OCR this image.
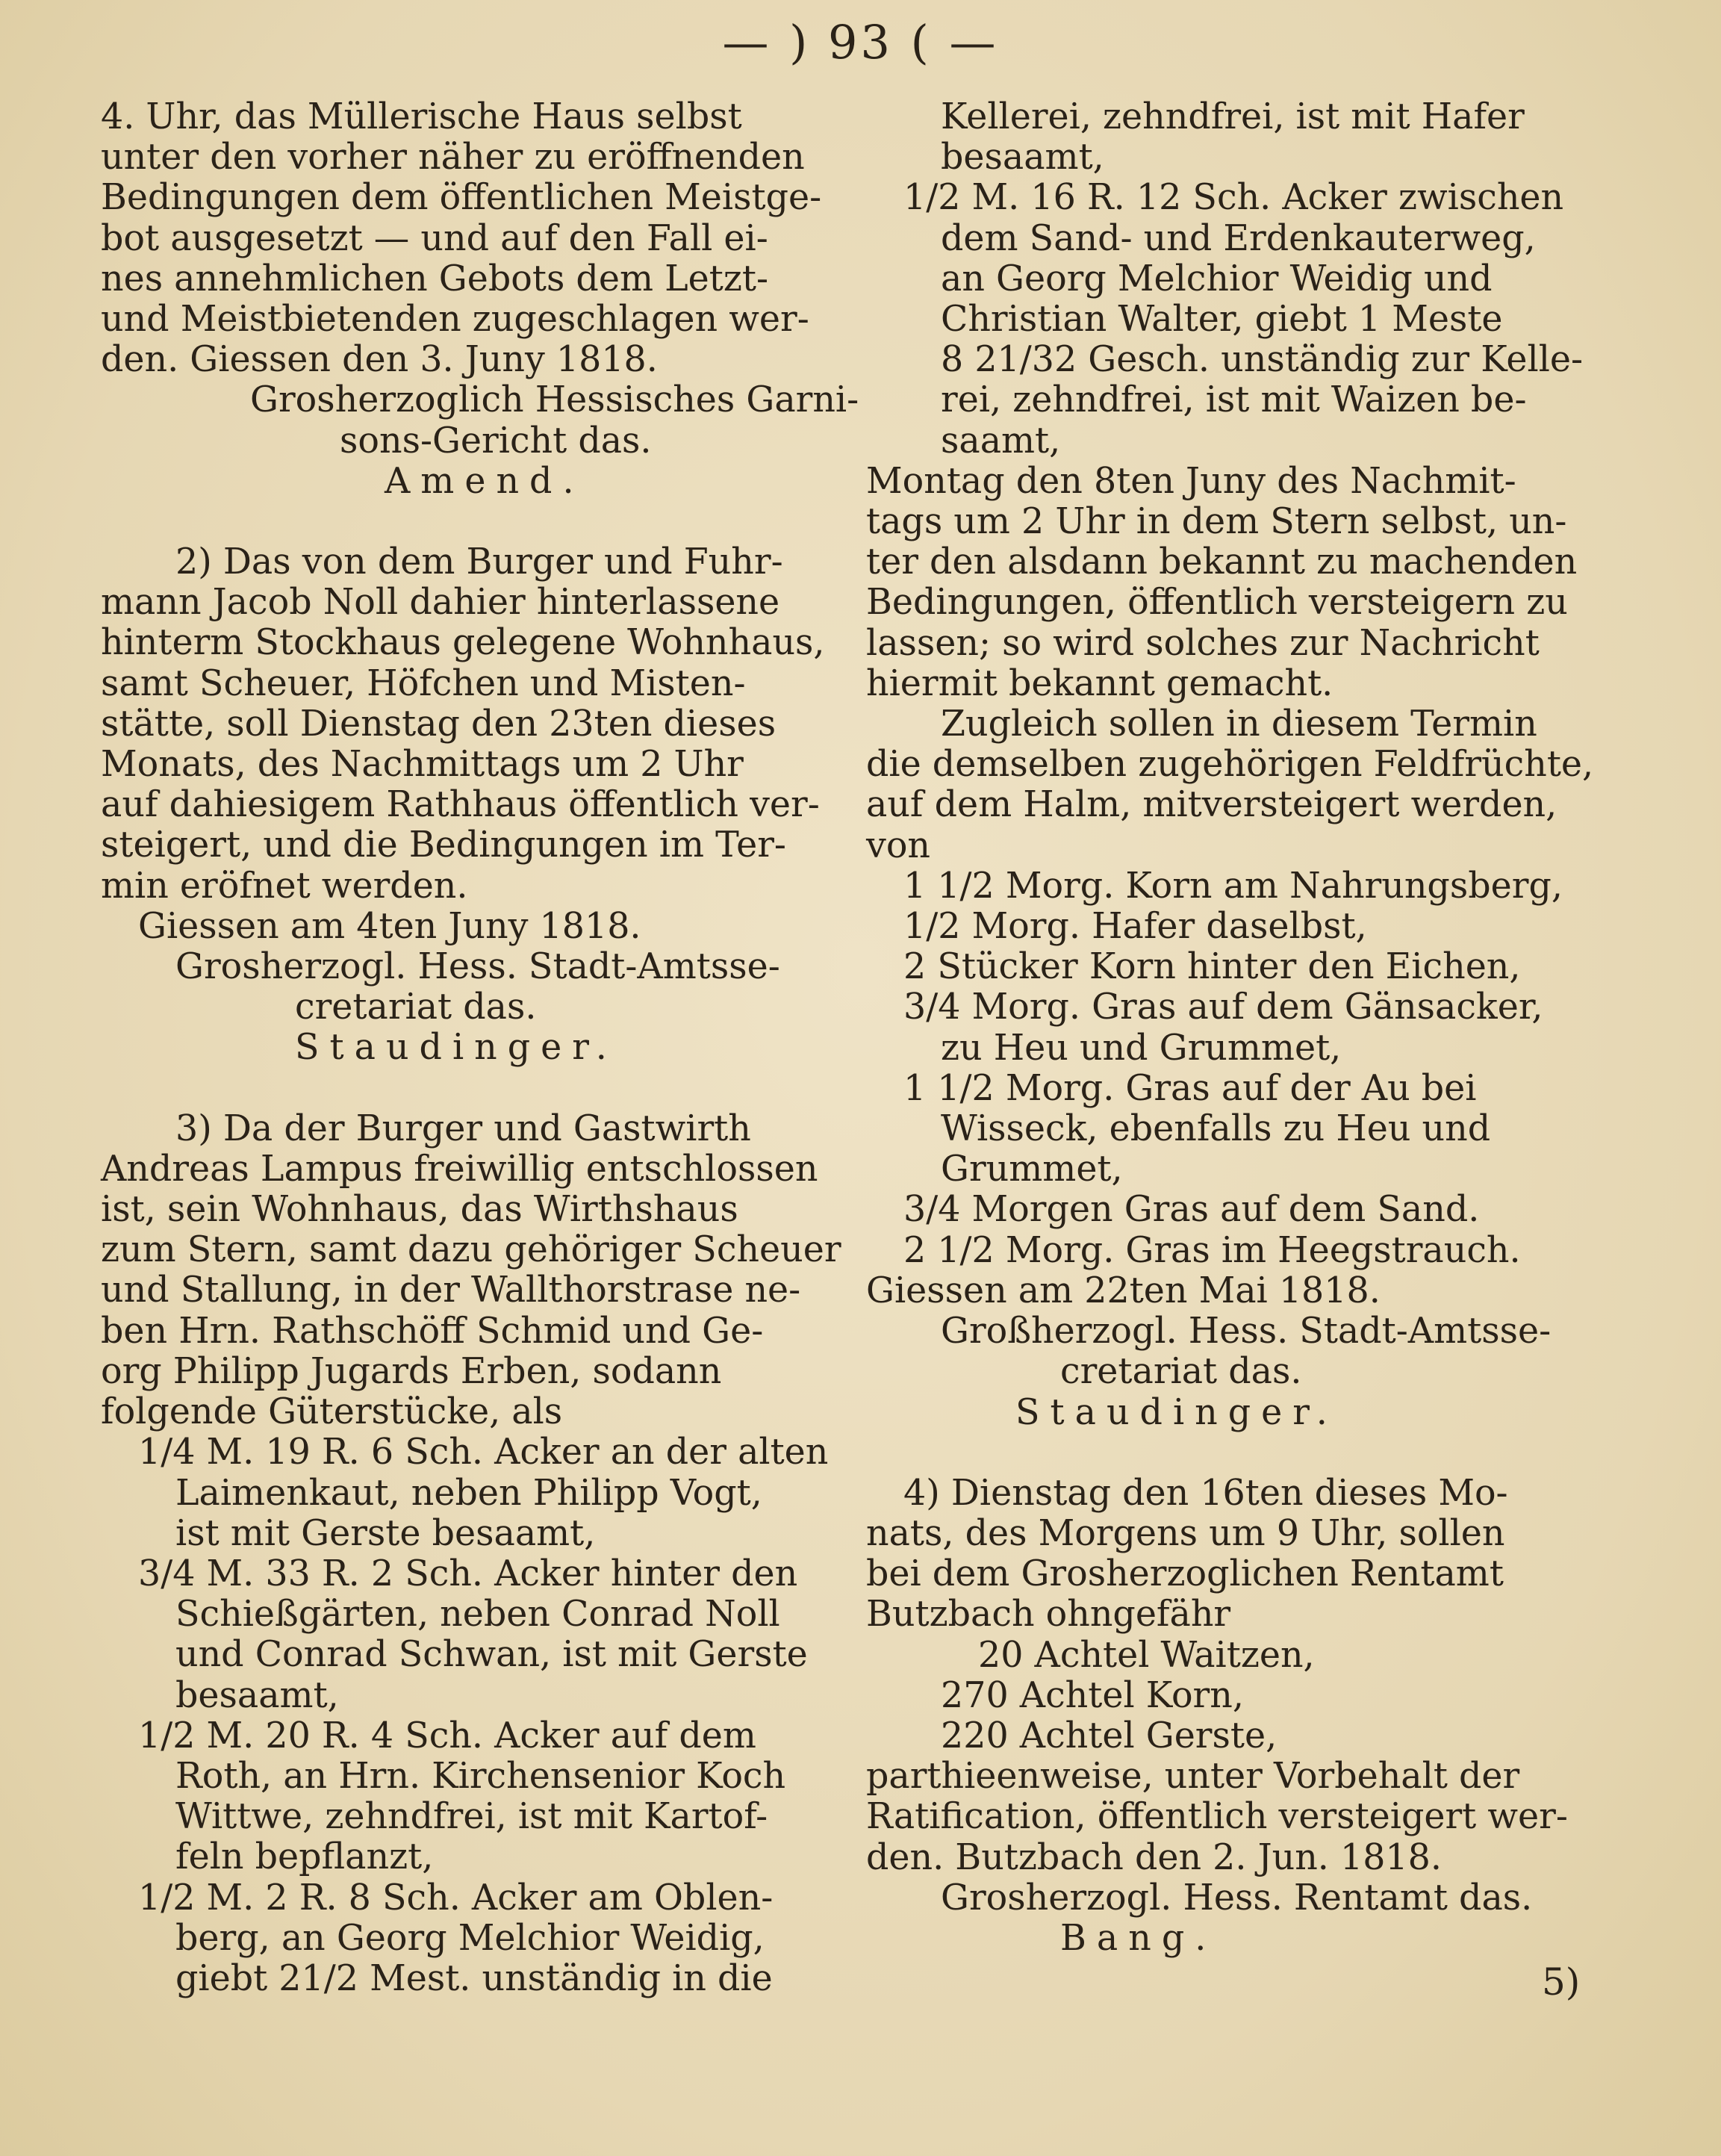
— ) 93 ( —
4. Uhr, das Müllerische Haus selbst
unter den vorher näher zu eröffnenden
Bedingungen dem öffentlichen Meistge-
bot ausgesetzt — und auf den Fall ei-
nes annehmlichen Gebots dem Letzt-
und Meistbietenden zugeschlagen wer-
den. Giessen den 3. Juny 1818.
Grosherzoglich Hessisches Garni-
sons-Gericht das.
Amend.
2) Das von dem Burger und Fuhr-
mann Jacob Noll dahier hinterlassene
hinterm Stockhaus gelegene Wohnhaus,
samt Scheuer, Höfchen und Misten-
stätte, soll Dienstag den 23ten dieses
Monats, des Nachmittags um 2 Uhr
auf dahiesigem Rathhaus öffentlich ver-
steigert, und die Bedingungen im Ter-
min eröfnet werden.
Giessen am 4ten Juny 1818.
Grosherzogl. Hess. Stadt-Amtsse-
cretariat das.
Staudinger.
3) Da der Burger und Gastwirth
Andreas Lampus freiwillig entschlossen
ist, sein Wohnhaus, das Wirthshaus
zum Stern, samt dazu gehöriger Scheuer
und Stallung, in der Wallthorstrase ne-
ben Hrn. Rathschöff Schmid und Ge-
org Philipp Jugards Erben, sodann
folgende Güterstücke, als
1/4 M. 19 R. 6 Sch. Acker an der alten
Laimenkaut, neben Philipp Vogt,
ist mit Gerste besaamt,
3/4 M. 33 R. 2 Sch. Acker hinter den
Schießgärten, neben Conrad Noll
und Conrad Schwan, ist mit Gerste
besaamt,
1/2 M. 20 R. 4 Sch. Acker auf dem
Roth, an Hrn. Kirchensenior Koch
Wittwe, zehndfrei, ist mit Kartof-
feln bepflanzt,
1/2 M. 2 R. 8 Sch. Acker am Oblen-
berg, an Georg Melchior Weidig,
giebt 21/2 Mest. unständig in die
Kellerei, zehndfrei, ist mit Hafer
besaamt,
1/2 M. 16 R. 12 Sch. Acker zwischen
dem Sand- und Erdenkauterweg,
an Georg Melchior Weidig und
Christian Walter, giebt 1 Meste
8 21/32 Gesch. unständig zur Kelle-
rei, zehndfrei, ist mit Waizen be-
saamt,
Montag den 8ten Juny des Nachmit-
tags um 2 Uhr in dem Stern selbst, un-
ter den alsdann bekannt zu machenden
Bedingungen, öffentlich versteigern zu
lassen; so wird solches zur Nachricht
hiermit bekannt gemacht.
Zugleich sollen in diesem Termin
die demselben zugehörigen Feldfrüchte,
auf dem Halm, mitversteigert werden,
von
1 1/2 Morg. Korn am Nahrungsberg,
1/2 Morg. Hafer daselbst,
2 Stücker Korn hinter den Eichen,
3/4 Morg. Gras auf dem Gänsacker,
zu Heu und Grummet,
1 1/2 Morg. Gras auf der Au bei
Wisseck, ebenfalls zu Heu und
Grummet,
3/4 Morgen Gras auf dem Sand.
2 1/2 Morg. Gras im Heegstrauch.
Giessen am 22ten Mai 1818.
Großherzogl. Hess. Stadt-Amtsse-
cretariat das.
Staudinger.
4) Dienstag den 16ten dieses Mo-
nats, des Morgens um 9 Uhr, sollen
bei dem Grosherzoglichen Rentamt
Butzbach ohngefähr
20 Achtel Waitzen,
270 Achtel Korn,
220 Achtel Gerste,
parthieenweise, unter Vorbehalt der
Ratification, öffentlich versteigert wer-
den. Butzbach den 2. Jun. 1818.
Grosherzogl. Hess. Rentamt das.
Bang.
5)
